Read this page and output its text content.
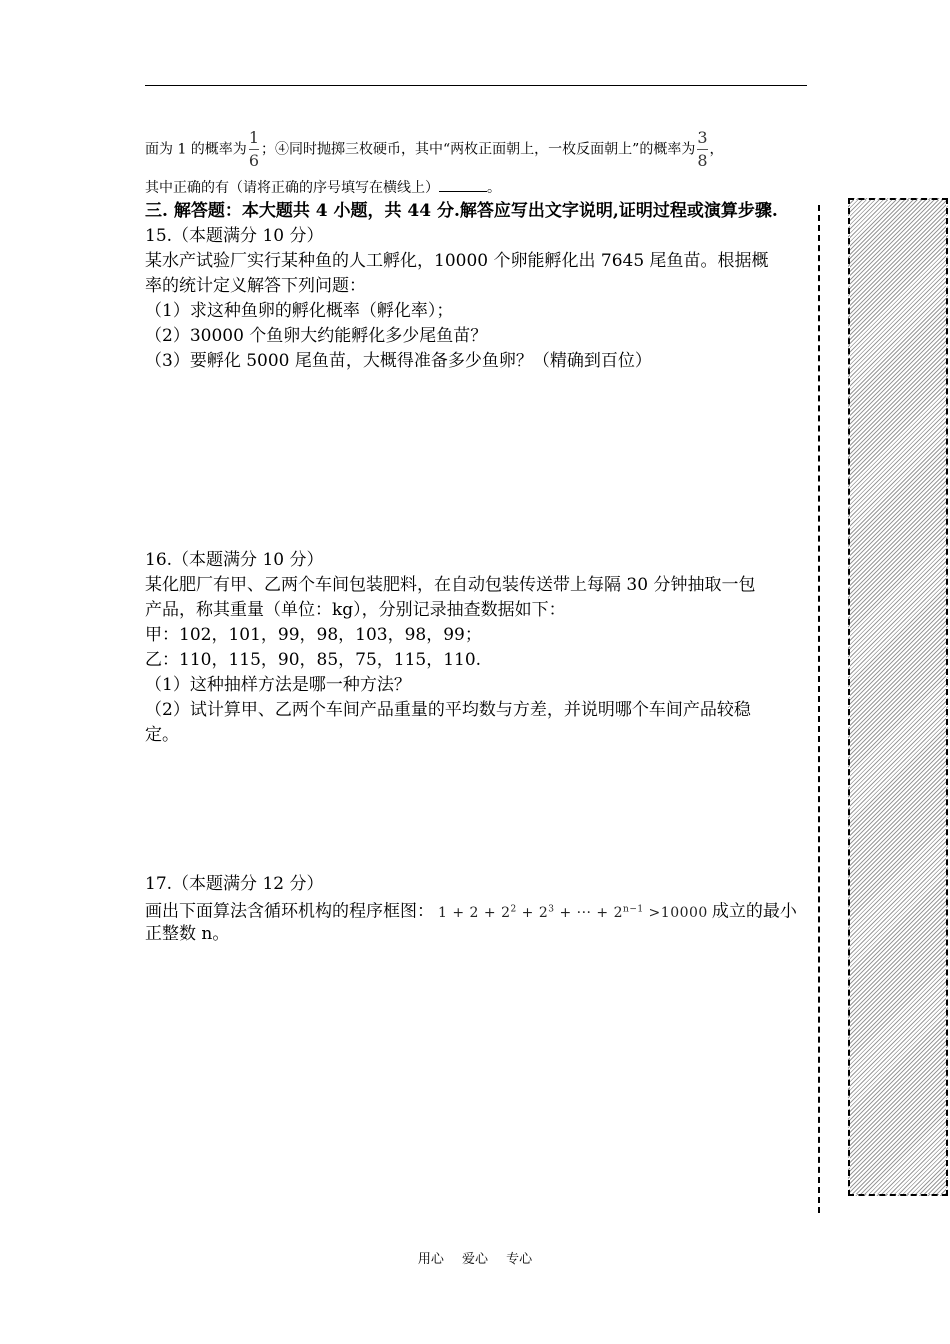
面为 1 的概率为 $\frac{1}{6}$ ；④同时抛掷三枚硬币，其中“两枚正面朝上，一枚反面朝上”的概率为 $\frac{3}{8}$ ，
其中正确的有（请将正确的序号填写在横线上）	。
三. 解答题：本大题共 4 小题，共 44 分.解答应写出文字说明,证明过程或演算步骤.
15.（本题满分 10 分）
某水产试验厂实行某种鱼的人工孵化，10000 个卵能孵化出 7645 尾鱼苗。根据概
率的统计定义解答下列问题：
（1）求这种鱼卵的孵化概率（孵化率）；
（2）30000 个鱼卵大约能孵化多少尾鱼苗？
（3）要孵化 5000 尾鱼苗，大概得准备多少鱼卵？（精确到百位）
16.（本题满分 10 分）
某化肥厂有甲、乙两个车间包装肥料，在自动包装传送带上每隔 30 分钟抽取一包
产品，称其重量（单位：kg），分别记录抽查数据如下：
甲：102，101，99，98，103，98，99；
乙：110，115，90，85，75，115，110.
（1）这种抽样方法是哪一种方法？
（2）试计算甲、乙两个车间产品重量的平均数与方差，并说明哪个车间产品较稳
定。
17.（本题满分 12 分）
画出下面算法含循环机构的程序框图： $1 + 2 + 2^2 + 2^3$ + ··· + $2^{n-1} >10000$ 成立的最小
正整数 n。
用心 爱心 专心
